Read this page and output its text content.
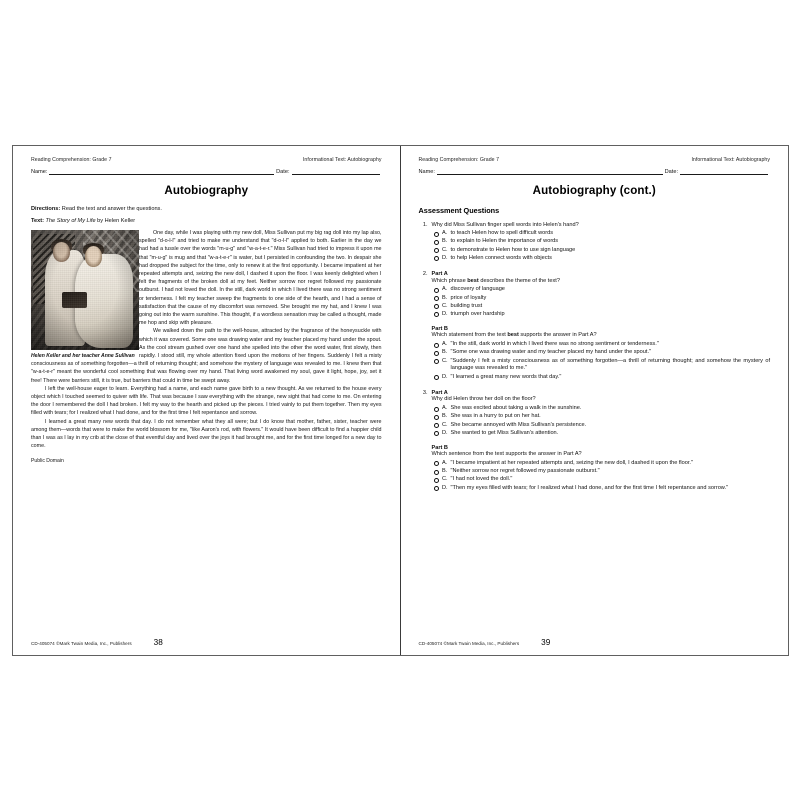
Reading Comprehension: Grade 7	Informational Text: Autobiography
Name:	Date:
Autobiography
Directions: Read the text and answer the questions.
Text: The Story of My Life by Helen Keller
Helen Keller and her teacher Anne Sullivan

One day, while I was playing with my new doll, Miss Sullivan put my big rag doll into my lap also, spelled "d-o-l-l" and tried to make me understand that "d-o-l-l" applied to both. Earlier in the day we had had a tussle over the words "m-u-g" and "w-a-t-e-r." Miss Sullivan had tried to impress it upon me that "m-u-g" is mug and that "w-a-t-e-r" is water, but I persisted in confounding the two. In despair she had dropped the subject for the time, only to renew it at the first opportunity. I became impatient at her repeated attempts and, seizing the new doll, I dashed it upon the floor. I was keenly delighted when I felt the fragments of the broken doll at my feet. Neither sorrow nor regret followed my passionate outburst. I had not loved the doll. In the still, dark world in which I lived there was no strong sentiment or tenderness. I felt my teacher sweep the fragments to one side of the hearth, and I had a sense of satisfaction that the cause of my discomfort was removed. She brought me my hat, and I knew I was going out into the warm sunshine. This thought, if a wordless sensation may be called a thought, made me hop and skip with pleasure.

We walked down the path to the well-house, attracted by the fragrance of the honeysuckle with which it was covered. Some one was drawing water and my teacher placed my hand under the spout. As the cool stream gushed over one hand she spelled into the other the word water, first slowly, then rapidly. I stood still, my whole attention fixed upon the motions of her fingers. Suddenly I felt a misty consciousness as of something forgotten—a thrill of returning thought; and somehow the mystery of language was revealed to me. I knew then that "w-a-t-e-r" meant the wonderful cool something that was flowing over my hand. That living word awakened my soul, gave it light, hope, joy, set it free! There were barriers still, it is true, but barriers that could in time be swept away.

I left the well-house eager to learn. Everything had a name, and each name gave birth to a new thought. As we returned to the house every object which I touched seemed to quiver with life. That was because I saw everything with the strange, new sight that had come to me. On entering the door I remembered the doll I had broken. I felt my way to the hearth and picked up the pieces. I tried vainly to put them together. Then my eyes filled with tears; for I realized what I had done, and for the first time I felt repentance and sorrow.

I learned a great many new words that day. I do not remember what they all were; but I do know that mother, father, sister, teacher were among them—words that were to make the world blossom for me, "like Aaron's rod, with flowers." It would have been difficult to find a happier child than I was as I lay in my crib at the close of that eventful day and lived over the joys it had brought me, and for the first time longed for a new day to come.

Public Domain
CD-405074 ©Mark Twain Media, Inc., Publishers	38
Reading Comprehension: Grade 7	Informational Text: Autobiography
Name:	Date:
Autobiography (cont.)
Assessment Questions
1. Why did Miss Sullivan finger spell words into Helen's hand?
A. to teach Helen how to spell difficult words
B. to explain to Helen the importance of words
C. to demonstrate to Helen how to use sign language
D. to help Helen connect words with objects
2. Part A
Which phrase best describes the theme of the text?
A. discovery of language
B. price of loyalty
C. building trust
D. triumph over hardship
Part B
Which statement from the text best supports the answer in Part A?
A. "In the still, dark world in which I lived there was no strong sentiment or tenderness."
B. "Some one was drawing water and my teacher placed my hand under the spout."
C. "Suddenly I felt a misty consciousness as of something forgotten—a thrill of returning thought; and somehow the mystery of language was revealed to me."
D. "I learned a great many new words that day."
3. Part A
Why did Helen throw her doll on the floor?
A. She was excited about taking a walk in the sunshine.
B. She was in a hurry to put on her hat.
C. She became annoyed with Miss Sullivan's persistence.
D. She wanted to get Miss Sullivan's attention.
Part B
Which sentence from the text supports the answer in Part A?
A. "I became impatient at her repeated attempts and, seizing the new doll, I dashed it upon the floor."
B. "Neither sorrow nor regret followed my passionate outburst."
C. "I had not loved the doll."
D. "Then my eyes filled with tears; for I realized what I had done, and for the first time I felt repentance and sorrow."
CD-405074 ©Mark Twain Media, Inc., Publishers	39
